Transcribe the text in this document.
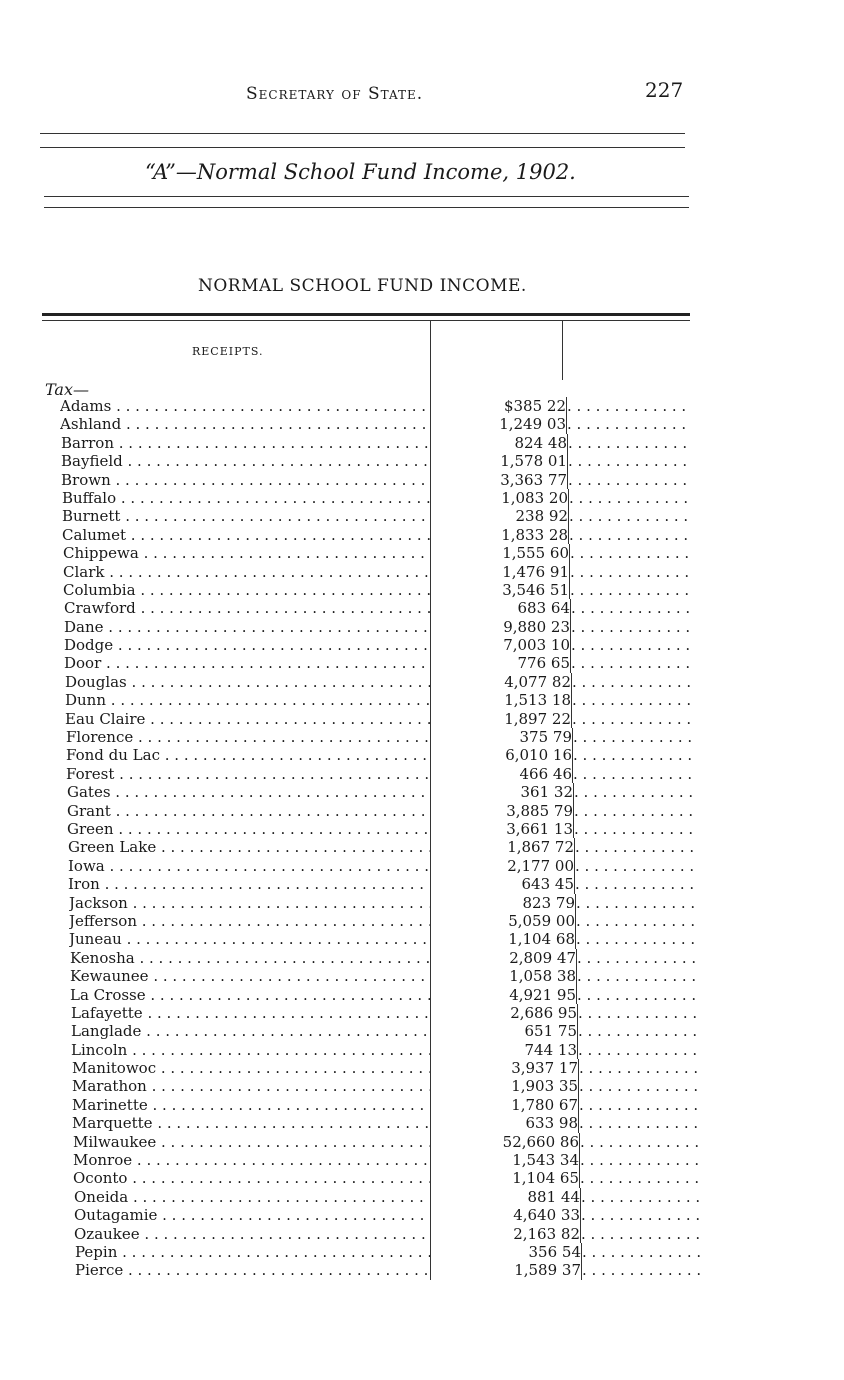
Secretary of State.	227
“A”—Normal School Fund Income, 1902.
NORMAL SCHOOL FUND INCOME.
RECEIPTS.
Tax—
Adams . . .	$385 22
. . .
Ashland . . .	1,249 03
. . .
Barron . . .	824 48
. . .
Bayfield . . .	1,578 01
. . .
Brown . . .	3,363 77
. . .
Buffalo . . .	1,083 20
. . .
Burnett . . .	238 92
. . .
Calumet . . .	1,833 28
. . .
Chippewa . . .	1,555 60
. . .
Clark . . .	1,476 91
. . .
Columbia . . .	3,546 51
. . .
Crawford . . .	683 64
. . .
Dane . . .	9,880 23
. . .
Dodge . . .	7,003 10
. . .
Door . . .	776 65
. . .
Douglas . . .	4,077 82
. . .
Dunn . . .	1,513 18
. . .
Eau Claire . . .	1,897 22
. . .
Florence . . .	375 79
. . .
Fond du Lac . . .	6,010 16
. . .
Forest . . .	466 46
. . .
Gates . . .	361 32
. . .
Grant . . .	3,885 79
. . .
Green . . .	3,661 13
. . .
Green Lake . . .	1,867 72
. . .
Iowa . . .	2,177 00
. . .
Iron . . .	643 45
. . .
Jackson . . .	823 79
. . .
Jefferson . . .	5,059 00
. . .
Juneau . . .	1,104 68
. . .
Kenosha . . .	2,809 47
. . .
Kewaunee . . .	1,058 38
. . .
La Crosse . . .	4,921 95
. . .
Lafayette . . .	2,686 95
. . .
Langlade . . .	651 75
. . .
Lincoln . . .	744 13
. . .
Manitowoc . . .	3,937 17
. . .
Marathon . . .	1,903 35
. . .
Marinette . . .	1,780 67
. . .
Marquette . . .	633 98
. . .
Milwaukee . . .	52,660 86
. . .
Monroe . . .	1,543 34
. . .
Oconto . . .	1,104 65
. . .
Oneida . . .	881 44
. . .
Outagamie . . .	4,640 33
. . .
Ozaukee . . .	2,163 82
. . .
Pepin . . .	356 54
. . .
Pierce . . .	1,589 37
. . .
